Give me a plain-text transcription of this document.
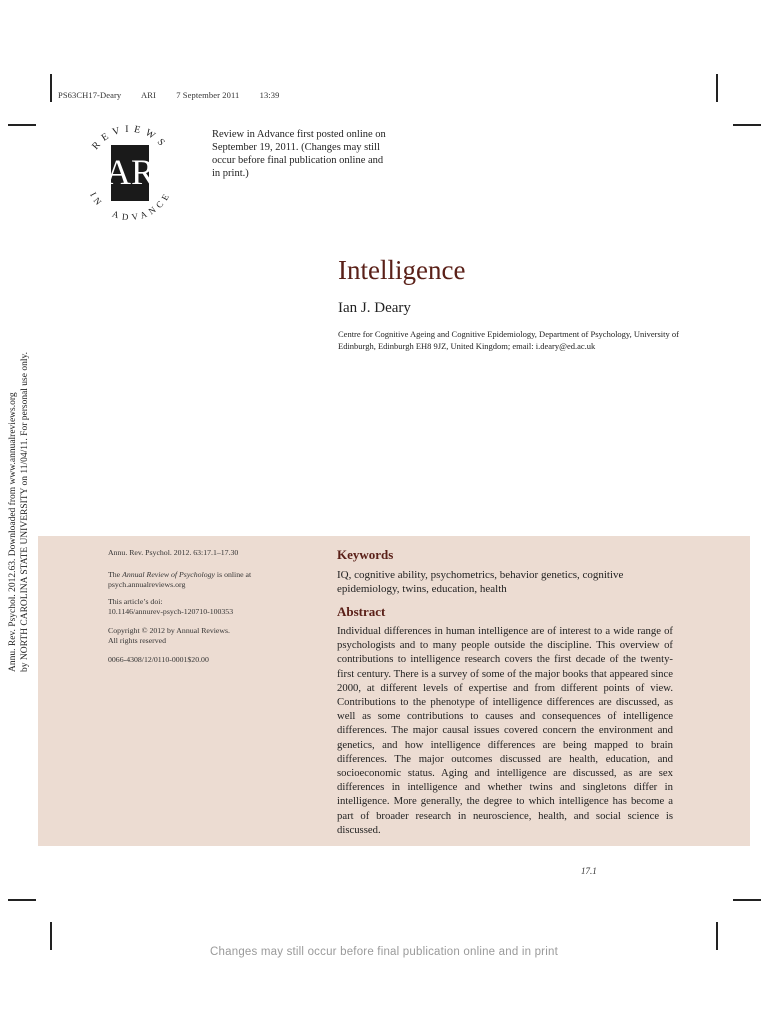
PS63CH17-Deary ARI 7 September 2011 13:39
REVIEWS
IN
ADVANCE
AR
Review in Advance first posted online on September 19, 2011. (Changes may still occur before final publication online and in print.)
Intelligence
Ian J. Deary
Centre for Cognitive Ageing and Cognitive Epidemiology, Department of Psychology, University of Edinburgh, Edinburgh EH8 9JZ, United Kingdom; email: i.deary@ed.ac.uk
Annu. Rev. Psychol. 2012.63. Downloaded from www.annualreviews.org by NORTH CAROLINA STATE UNIVERSITY on 11/04/11. For personal use only.	Annu. Rev. Psychol. 2012. 63:17.1–17.30
The Annual Review of Psychology is online at psych.annualreviews.org
This article’s doi:
10.1146/annurev-psych-120710-100353
Copyright © 2012 by Annual Reviews.
All rights reserved
0066-4308/12/0110-0001$20.00
Keywords
IQ, cognitive ability, psychometrics, behavior genetics, cognitive epidemiology, twins, education, health
Abstract
Individual differences in human intelligence are of interest to a wide range of psychologists and to many people outside the discipline. This overview of contributions to intelligence research covers the first decade of the twenty-first century. There is a survey of some of the major books that appeared since 2000, at different levels of expertise and from different points of view. Contributions to the phenotype of intelligence differences are discussed, as well as some contributions to causes and consequences of intelligence differences. The major causal issues covered concern the environment and genetics, and how intelligence differences are being mapped to brain differences. The major outcomes discussed are health, education, and socioeconomic status. Aging and intelligence are discussed, as are sex differences in intelligence and whether twins and singletons differ in intelligence. More generally, the degree to which intelligence has become a part of broader research in neuroscience, health, and social science is discussed.
17.1
Changes may still occur before final publication online and in print
